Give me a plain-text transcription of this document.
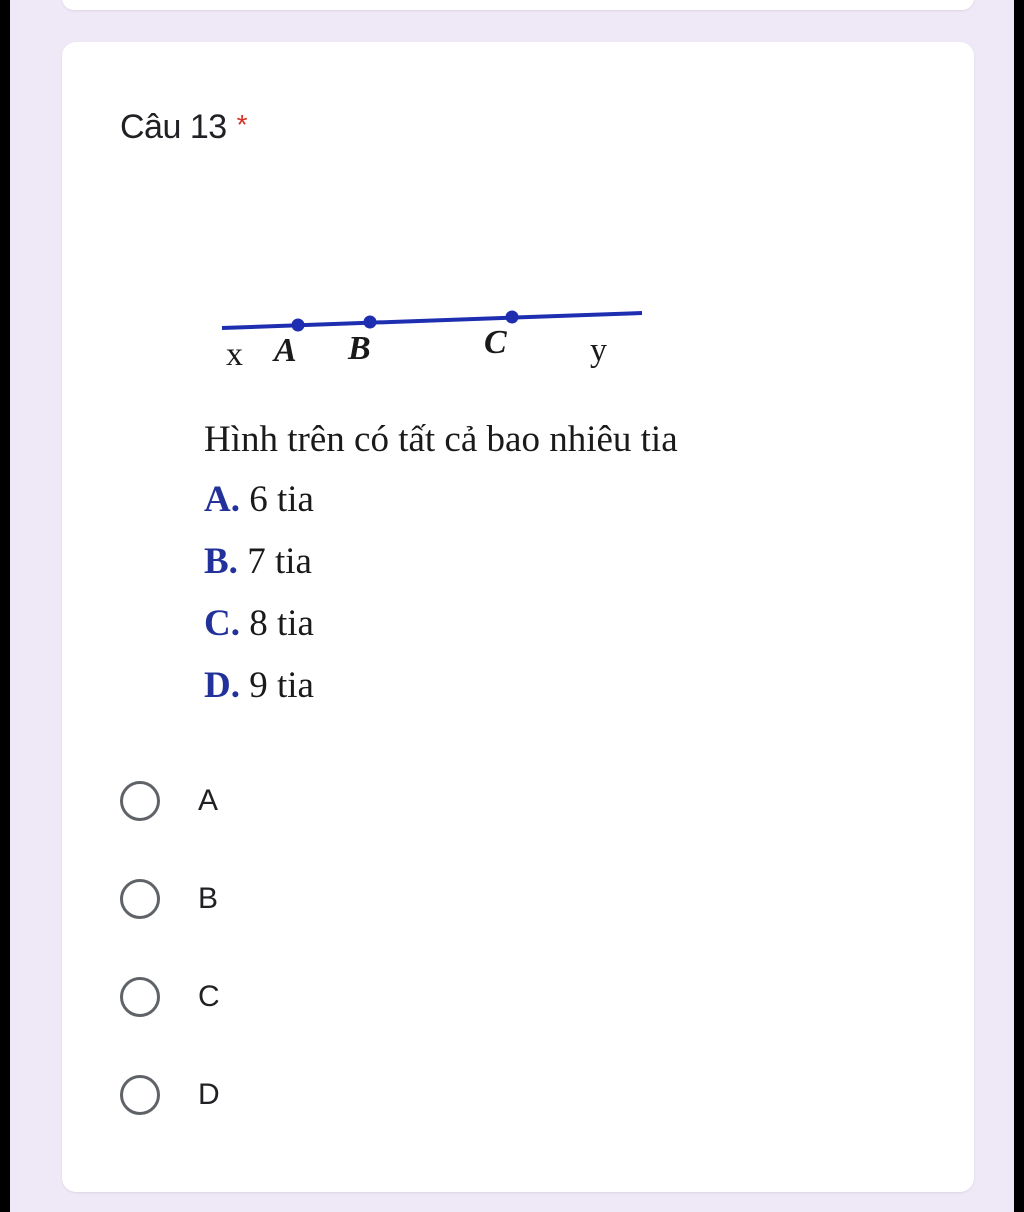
Câu 13 *
x A B	C y
Hình trên có tất cả bao nhiêu tia
A. 6 tia
B. 7 tia
C. 8 tia
D. 9 tia
A
B
C
D
